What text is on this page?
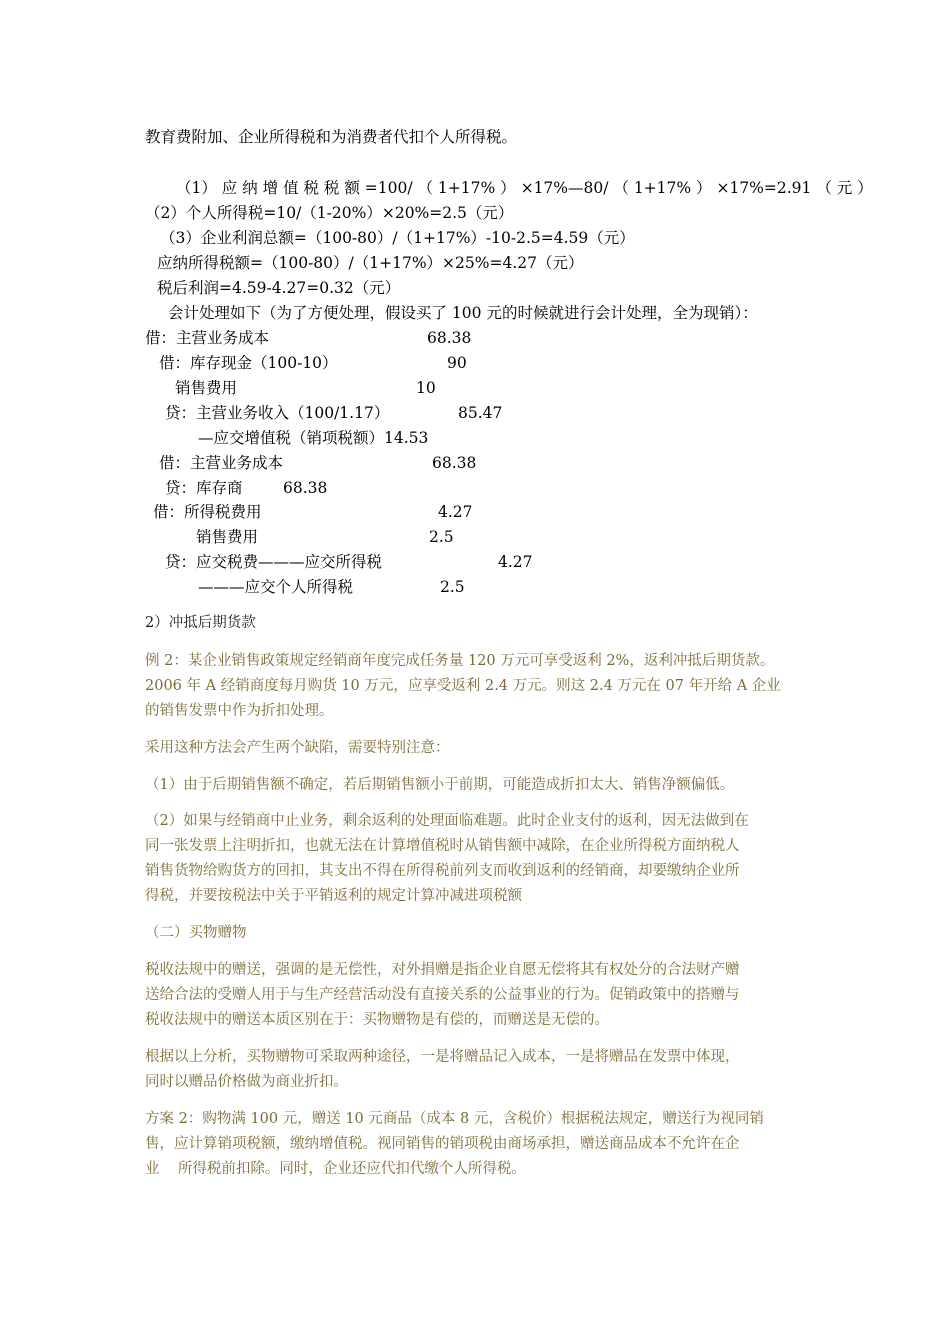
教育费附加、企业所得税和为消费者代扣个人所得税。
（1） 应 纳 增 值 税 税 额 =100/ （ 1+17% ） ×17%—80/ （ 1+17% ） ×17%=2.91 （ 元 ）
（2）个人所得税=10/（1-20%）×20%=2.5（元）
（3）企业利润总额=（100-80）/（1+17%）-10-2.5=4.59（元）
应纳所得税额=（100-80）/（1+17%）×25%=4.27（元）
税后利润=4.59-4.27=0.32（元）
会计处理如下（为了方便处理，假设买了 100 元的时候就进行会计处理，全为现销）：
借：主营业务成本	68.38
借：库存现金（100-10）	90
销售费用	10
贷：主营业务收入（100/1.17）	85.47
—应交增值税（销项税额）14.53
借：主营业务成本	68.38
贷：库存商	68.38
借：所得税费用	4.27
销售费用	2.5
贷：应交税费———应交所得税	4.27
———应交个人所得税	2.5
2）冲抵后期货款
例 2：某企业销售政策规定经销商年度完成任务量 120 万元可享受返利 2%，返利冲抵后期货款。
2006 年 A 经销商度每月购货 10 万元，应享受返利 2.4 万元。则这 2.4 万元在 07 年开给 A 企业
的销售发票中作为折扣处理。
采用这种方法会产生两个缺陷，需要特别注意：
（1）由于后期销售额不确定，若后期销售额小于前期，可能造成折扣太大、销售净额偏低。
（2）如果与经销商中止业务，剩余返利的处理面临难题。此时企业支付的返利，因无法做到在
同一张发票上注明折扣，也就无法在计算增值税时从销售额中减除，在企业所得税方面纳税人
销售货物给购货方的回扣，其支出不得在所得税前列支而收到返利的经销商，却要缴纳企业所
得税，并要按税法中关于平销返利的规定计算冲减进项税额
（二）买物赠物
税收法规中的赠送，强调的是无偿性，对外捐赠是指企业自愿无偿将其有权处分的合法财产赠
送给合法的受赠人用于与生产经营活动没有直接关系的公益事业的行为。促销政策中的搭赠与
税收法规中的赠送本质区别在于：买物赠物是有偿的，而赠送是无偿的。
根据以上分析，买物赠物可采取两种途径，一是将赠品记入成本，一是将赠品在发票中体现，
同时以赠品价格做为商业折扣。
方案 2：购物满 100 元，赠送 10 元商品（成本 8 元，含税价）根据税法规定，赠送行为视同销
售，应计算销项税额，缴纳增值税。视同销售的销项税由商场承担，赠送商品成本不允许在企
业    所得税前扣除。同时，企业还应代扣代缴个人所得税。
